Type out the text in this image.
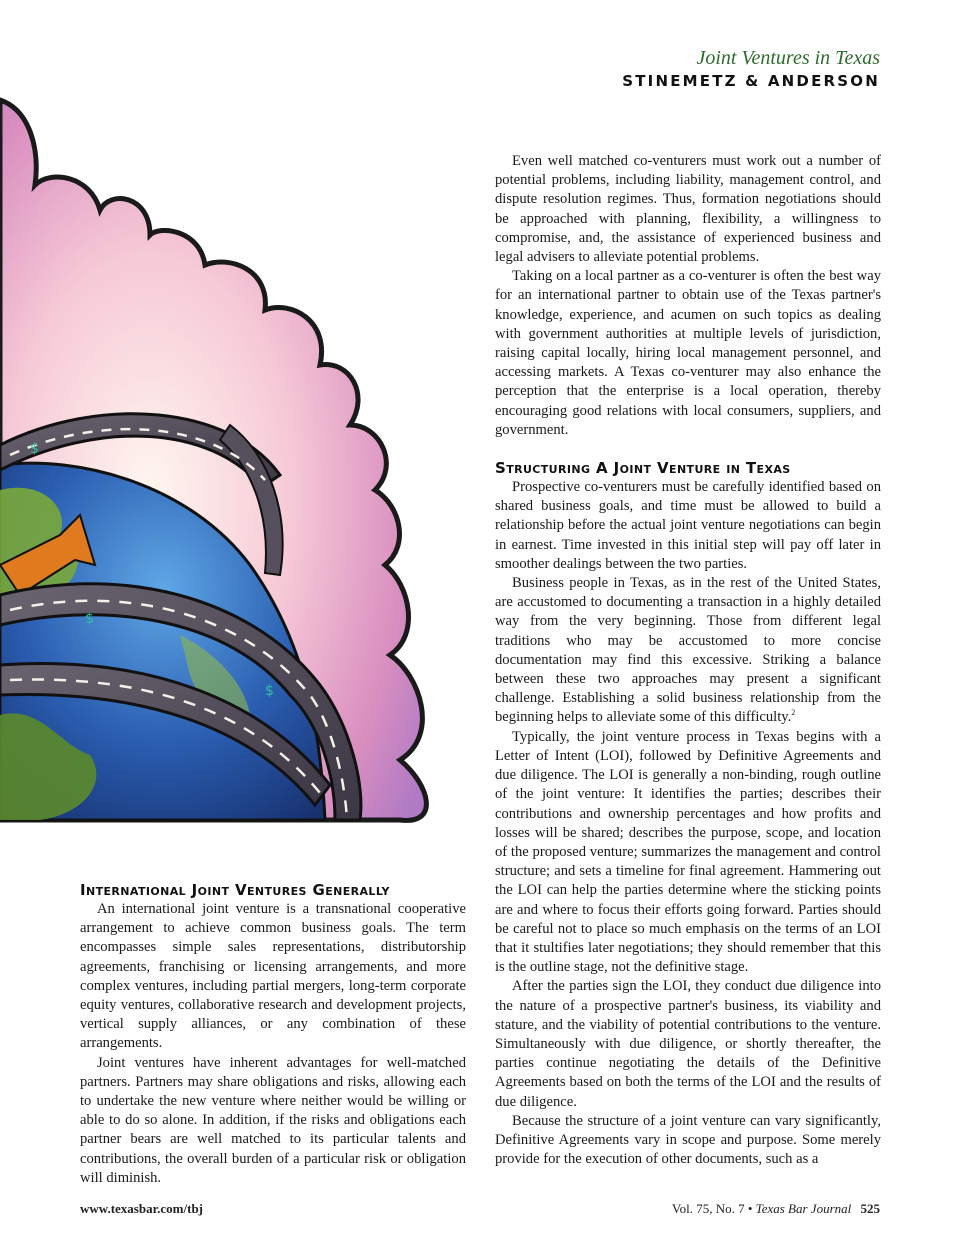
Joint Ventures in Texas
STINEMETZ & ANDERSON
$
$
$

Even well matched co-venturers must work out a number of potential problems, including liability, management control, and dispute resolution regimes. Thus, formation negotiations should be approached with planning, flexibility, a willingness to compromise, and, the assistance of experienced business and legal advisers to alleviate potential problems.

Taking on a local partner as a co-venturer is often the best way for an international partner to obtain use of the Texas partner's knowledge, experience, and acumen on such topics as dealing with government authorities at multiple levels of jurisdiction, raising capital locally, hiring local management personnel, and accessing markets. A Texas co-venturer may also enhance the perception that the enterprise is a local operation, thereby encouraging good relations with local consumers, suppliers, and government.

Structuring A Joint Venture in Texas

Prospective co-venturers must be carefully identified based on shared business goals, and time must be allowed to build a relationship before the actual joint venture negotiations can begin in earnest. Time invested in this initial step will pay off later in smoother dealings between the two parties.

Business people in Texas, as in the rest of the United States, are accustomed to documenting a transaction in a highly detailed way from the very beginning. Those from different legal traditions who may be accustomed to more concise documentation may find this excessive. Striking a balance between these two approaches may present a significant challenge. Establishing a solid business relationship from the beginning helps to alleviate some of this difficulty.$^2$

Typically, the joint venture process in Texas begins with a Letter of Intent (LOI), followed by Definitive Agreements and due diligence. The LOI is generally a non-binding, rough outline of the joint venture: It identifies the parties; describes their contributions and ownership percentages and how profits and losses will be shared; describes the purpose, scope, and location of the proposed venture; summarizes the management and control structure; and sets a timeline for final agreement. Hammering out the LOI can help the parties determine where the sticking points are and where to focus their efforts going forward. Parties should be careful not to place so much emphasis on the terms of an LOI that it stultifies later negotiations; they should remember that this is the outline stage, not the definitive stage.

After the parties sign the LOI, they conduct due diligence into the nature of a prospective partner's business, its viability and stature, and the viability of potential contributions to the venture. Simultaneously with due diligence, or shortly thereafter, the parties continue negotiating the details of the Definitive Agreements based on both the terms of the LOI and the results of due diligence.

Because the structure of a joint venture can vary significantly, Definitive Agreements vary in scope and purpose. Some merely provide for the execution of other documents, such as a

International Joint Ventures Generally

An international joint venture is a transnational cooperative arrangement to achieve common business goals. The term encompasses simple sales representations, distributorship agreements, franchising or licensing arrangements, and more complex ventures, including partial mergers, long-term corporate equity ventures, collaborative research and development projects, vertical supply alliances, or any combination of these arrangements.

Joint ventures have inherent advantages for well-matched partners. Partners may share obligations and risks, allowing each to undertake the new venture where neither would be willing or able to do so alone. In addition, if the risks and obligations each partner bears are well matched to its particular talents and contributions, the overall burden of a particular risk or obligation will diminish.

www.texasbar.com/tbj	Vol. 75, No. 7 • Texas Bar Journal 525
